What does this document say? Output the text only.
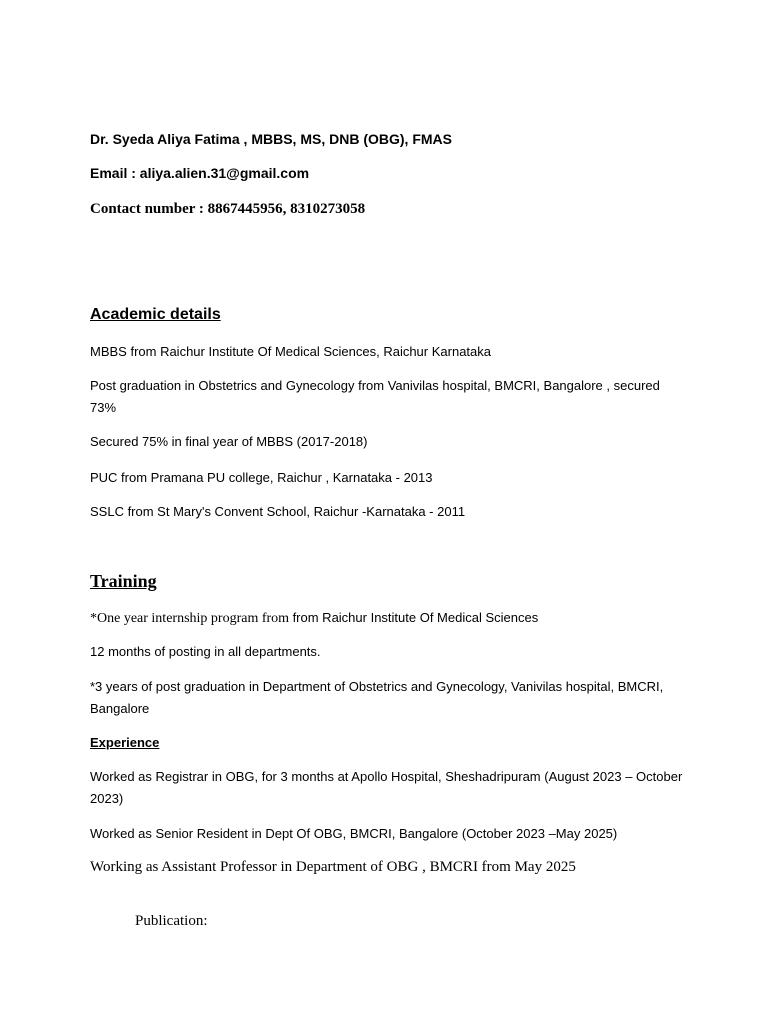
Dr. Syeda Aliya Fatima , MBBS, MS, DNB (OBG), FMAS
Email : aliya.alien.31@gmail.com
Contact number : 8867445956, 8310273058
Academic details
MBBS from Raichur Institute Of Medical Sciences, Raichur Karnataka
Post graduation in Obstetrics and Gynecology from Vanivilas hospital, BMCRI, Bangalore , secured 73%
Secured 75% in final year of MBBS (2017-2018)
PUC from Pramana PU college, Raichur , Karnataka - 2013
SSLC from St Mary's Convent School, Raichur -Karnataka - 2011
Training
*One year internship program from from Raichur Institute Of Medical Sciences
12 months of posting in all departments.
*3 years of post graduation in Department of Obstetrics and Gynecology, Vanivilas hospital, BMCRI, Bangalore
Experience
Worked as Registrar in OBG, for 3 months at Apollo Hospital, Sheshadripuram (August 2023 – October 2023)
Worked as Senior Resident in Dept Of OBG, BMCRI, Bangalore (October 2023 –May 2025)
Working as Assistant Professor in Department of OBG , BMCRI from May 2025
Publication:
